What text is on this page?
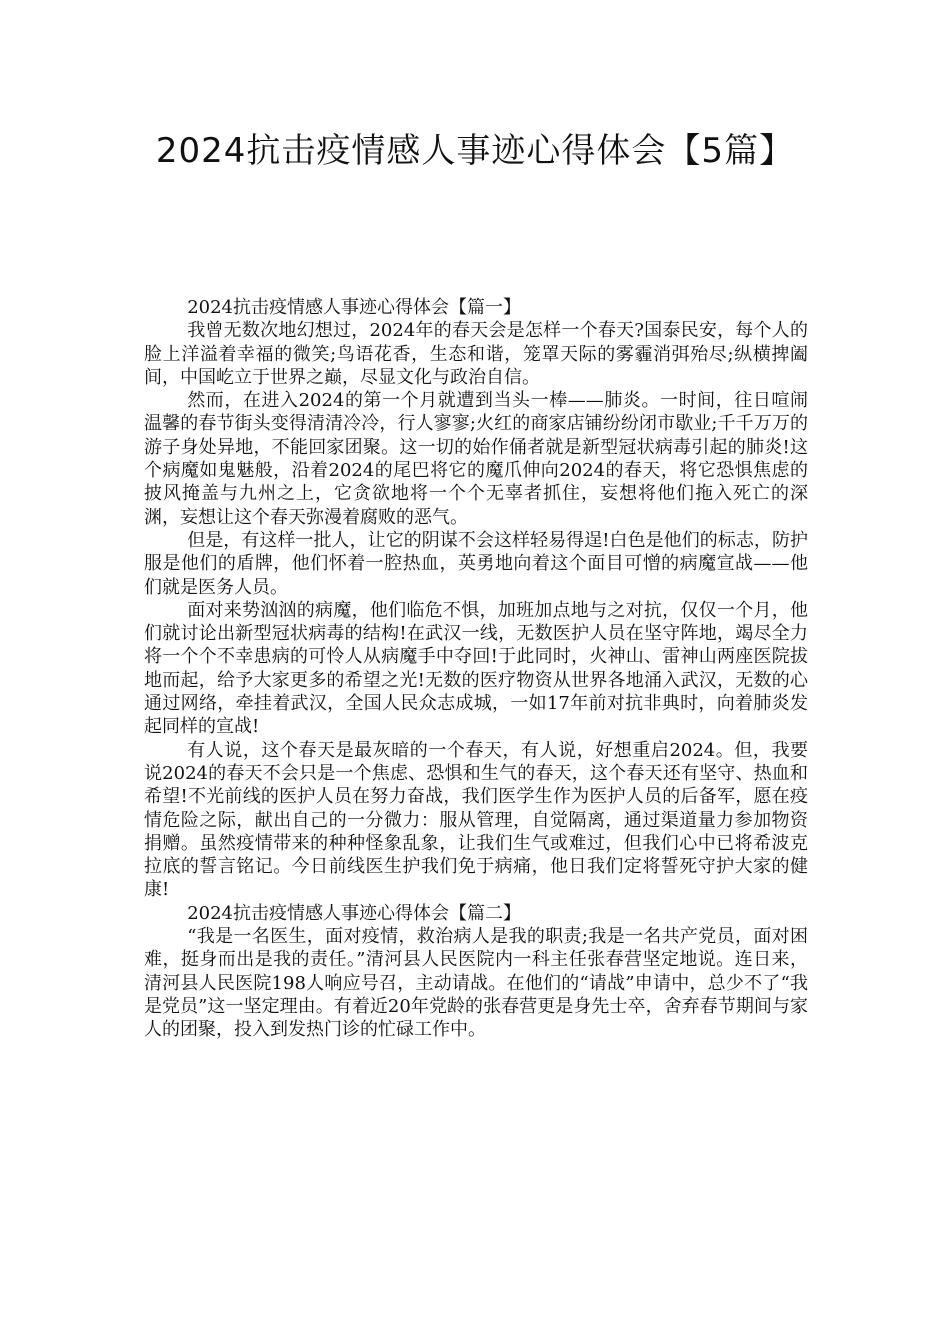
2024抗击疫情感人事迹心得体会【5篇】

2024抗击疫情感人事迹心得体会【篇一】

我曾无数次地幻想过，2024年的春天会是怎样一个春天?国泰民安，每个人的脸上洋溢着幸福的微笑;鸟语花香，生态和谐，笼罩天际的雾霾消弭殆尽;纵横捭阖间，中国屹立于世界之巅，尽显文化与政治自信。

然而，在进入2024的第一个月就遭到当头一棒——肺炎。一时间，往日喧闹温馨的春节街头变得清清冷冷，行人寥寥;火红的商家店铺纷纷闭市歇业;千千万万的游子身处异地，不能回家团聚。这一切的始作俑者就是新型冠状病毒引起的肺炎!这个病魔如鬼魅般，沿着2024的尾巴将它的魔爪伸向2024的春天，将它恐惧焦虑的披风掩盖与九州之上，它贪欲地将一个个无辜者抓住，妄想将他们拖入死亡的深渊，妄想让这个春天弥漫着腐败的恶气。

但是，有这样一批人，让它的阴谋不会这样轻易得逞!白色是他们的标志，防护服是他们的盾牌，他们怀着一腔热血，英勇地向着这个面目可憎的病魔宣战——他们就是医务人员。

面对来势汹汹的病魔，他们临危不惧，加班加点地与之对抗，仅仅一个月，他们就讨论出新型冠状病毒的结构!在武汉一线，无数医护人员在坚守阵地，竭尽全力将一个个不幸患病的可怜人从病魔手中夺回!于此同时，火神山、雷神山两座医院拔地而起，给予大家更多的希望之光!无数的医疗物资从世界各地涌入武汉，无数的心通过网络，牵挂着武汉，全国人民众志成城，一如17年前对抗非典时，向着肺炎发起同样的宣战!

有人说，这个春天是最灰暗的一个春天，有人说，好想重启2024。但，我要说2024的春天不会只是一个焦虑、恐惧和生气的春天，这个春天还有坚守、热血和希望!不光前线的医护人员在努力奋战，我们医学生作为医护人员的后备军，愿在疫情危险之际，献出自己的一分微力：服从管理，自觉隔离，通过渠道量力参加物资捐赠。虽然疫情带来的种种怪象乱象，让我们生气或难过，但我们心中已将希波克拉底的誓言铭记。今日前线医生护我们免于病痛，他日我们定将誓死守护大家的健康!

2024抗击疫情感人事迹心得体会【篇二】

“我是一名医生，面对疫情，救治病人是我的职责;我是一名共产党员，面对困难，挺身而出是我的责任。”清河县人民医院内一科主任张春营坚定地说。连日来，清河县人民医院198人响应号召，主动请战。在他们的“请战”申请中，总少不了“我是党员”这一坚定理由。有着近20年党龄的张春营更是身先士卒，舍弃春节期间与家人的团聚，投入到发热门诊的忙碌工作中。
